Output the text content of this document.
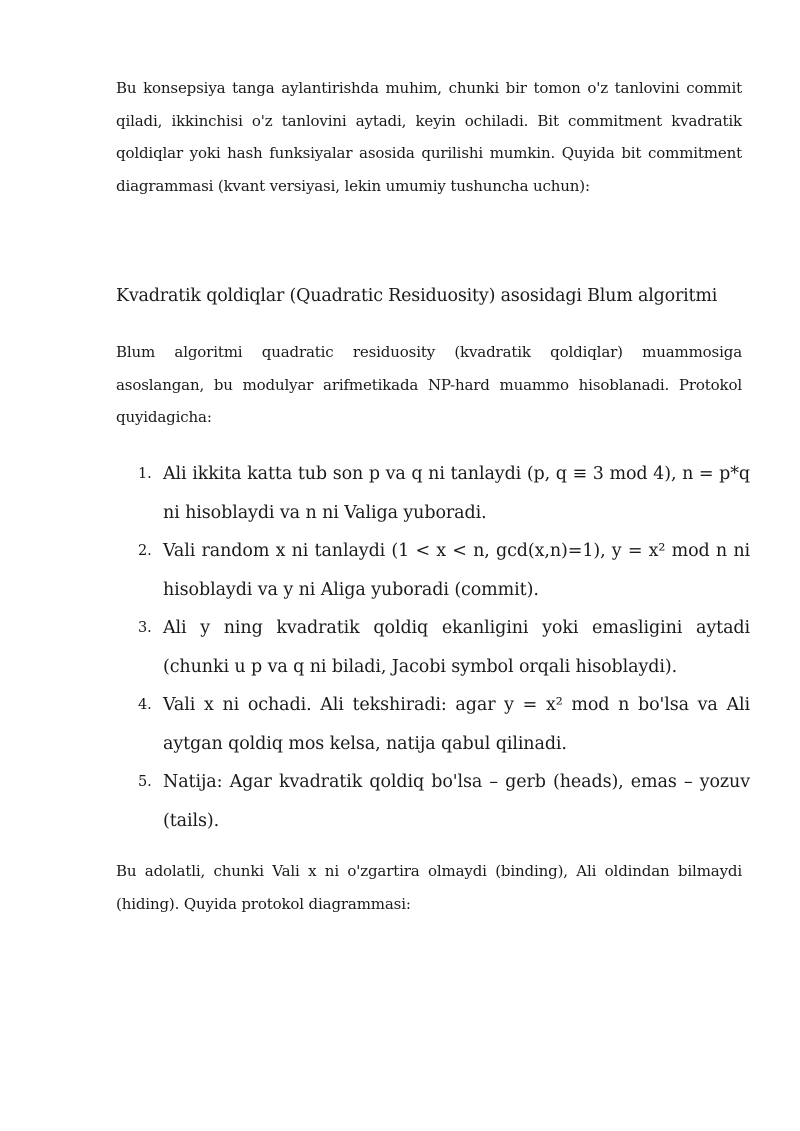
Bu konsepsiya tanga aylantirishda muhim, chunki bir tomon o'z tanlovini commit qiladi, ikkinchisi o'z tanlovini aytadi, keyin ochiladi. Bit commitment kvadratik qoldiqlar yoki hash funksiyalar asosida qurilishi mumkin. Quyida bit commitment diagrammasi (kvant versiyasi, lekin umumiy tushuncha uchun):

Kvadratik qoldiqlar (Quadratic Residuosity) asosidagi Blum algoritmi

Blum algoritmi quadratic residuosity (kvadratik qoldiqlar) muammosiga asoslangan, bu modulyar arifmetikada NP-hard muammo hisoblanadi. Protokol quyidagicha:

1. Ali ikkita katta tub son p va q ni tanlaydi (p, q ≡ 3 mod 4), n = p*q ni hisoblaydi va n ni Valiga yuboradi.
2. Vali random x ni tanlaydi (1 < x < n, gcd(x,n)=1), y = x² mod n ni hisoblaydi va y ni Aliga yuboradi (commit).
3. Ali y ning kvadratik qoldiq ekanligini yoki emasligini aytadi (chunki u p va q ni biladi, Jacobi symbol orqali hisoblaydi).
4. Vali x ni ochadi. Ali tekshiradi: agar y = x² mod n bo'lsa va Ali aytgan qoldiq mos kelsa, natija qabul qilinadi.
5. Natija: Agar kvadratik qoldiq bo'lsa – gerb (heads), emas – yozuv (tails).

Bu adolatli, chunki Vali x ni o'zgartira olmaydi (binding), Ali oldindan bilmaydi (hiding). Quyida protokol diagrammasi:
